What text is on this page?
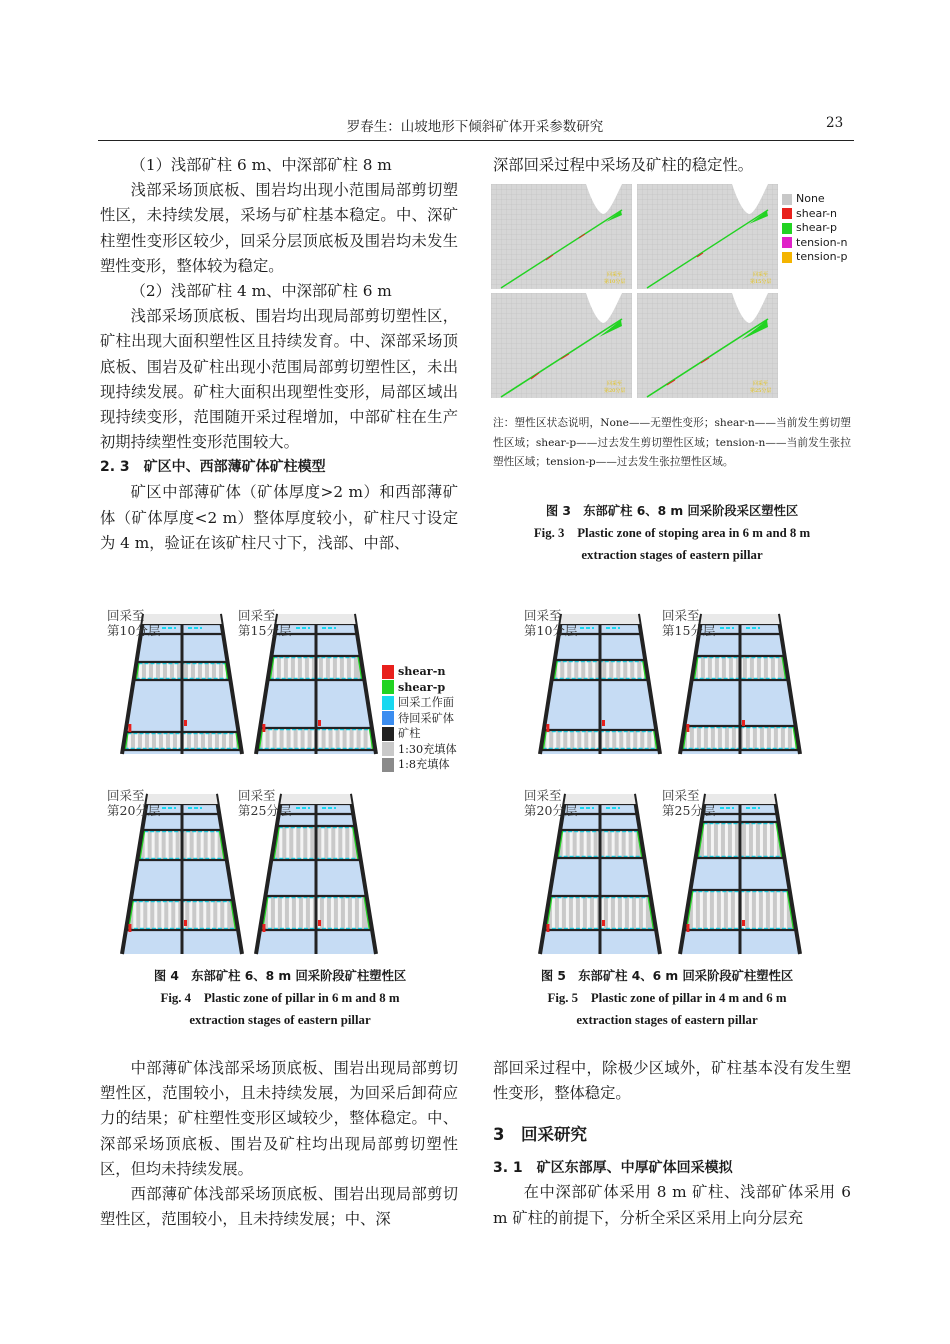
罗春生：山坡地形下倾斜矿体开采参数研究	23

（1）浅部矿柱 6 m、中深部矿柱 8 m

浅部采场顶底板、围岩均出现小范围局部剪切塑性区，未持续发展，采场与矿柱基本稳定。中、深矿柱塑性变形区较少，回采分层顶底板及围岩均未发生塑性变形，整体较为稳定。

（2）浅部矿柱 4 m、中深部矿柱 6 m

浅部采场顶底板、围岩均出现局部剪切塑性区，矿柱出现大面积塑性区且持续发育。中、深部采场顶底板、围岩及矿柱出现小范围局部剪切塑性区，未出现持续发展。矿柱大面积出现塑性变形，局部区域出现持续变形，范围随开采过程增加，中部矿柱在生产初期持续塑性变形范围较大。

2. 3　矿区中、西部薄矿体矿柱模型

矿区中部薄矿体（矿体厚度>2 m）和西部薄矿体（矿体厚度<2 m）整体厚度较小，矿柱尺寸设定为 4 m，验证在该矿柱尺寸下，浅部、中部、

深部回采过程中采场及矿柱的稳定性。

回采至
第10分层
回采至
第15分层
回采至
第20分层
回采至
第25分层
None
shear-n
shear-p
tension-n
tension-p
注：塑性区状态说明，None——无塑性变形；shear-n——当前发生剪切塑性区域；shear-p——过去发生剪切塑性区域；tension-n——当前发生张拉塑性区域；tension-p——过去发生张拉塑性区域。
图 3　东部矿柱 6、8 m 回采阶段采区塑性区
Fig. 3　Plastic zone of stoping area in 6 m and 8 m
extraction stages of eastern pillar
回采至
第10分层
回采至
第15分层
回采至
第20分层
回采至
第25分层
shear-n
shear-p
回采工作面
待回采矿体
矿柱
1:30充填体
1:8充填体
回采至
第10分层
回采至
第15分层
回采至
第20分层
回采至
第25分层
图 4　东部矿柱 6、8 m 回采阶段矿柱塑性区
Fig. 4　Plastic zone of pillar in 6 m and 8 m
extraction stages of eastern pillar
图 5　东部矿柱 4、6 m 回采阶段矿柱塑性区
Fig. 5　Plastic zone of pillar in 4 m and 6 m
extraction stages of eastern pillar

中部薄矿体浅部采场顶底板、围岩出现局部剪切塑性区，范围较小，且未持续发展，为回采后卸荷应力的结果；矿柱塑性变形区域较少，整体稳定。中、深部采场顶底板、围岩及矿柱均出现局部剪切塑性区，但均未持续发展。

西部薄矿体浅部采场顶底板、围岩出现局部剪切塑性区，范围较小，且未持续发展；中、深

部回采过程中，除极少区域外，矿柱基本没有发生塑性变形，整体稳定。

3　回采研究
3. 1　矿区东部厚、中厚矿体回采模拟

在中深部矿体采用 8 m 矿柱、浅部矿体采用 6 m 矿柱的前提下，分析全采区采用上向分层充
